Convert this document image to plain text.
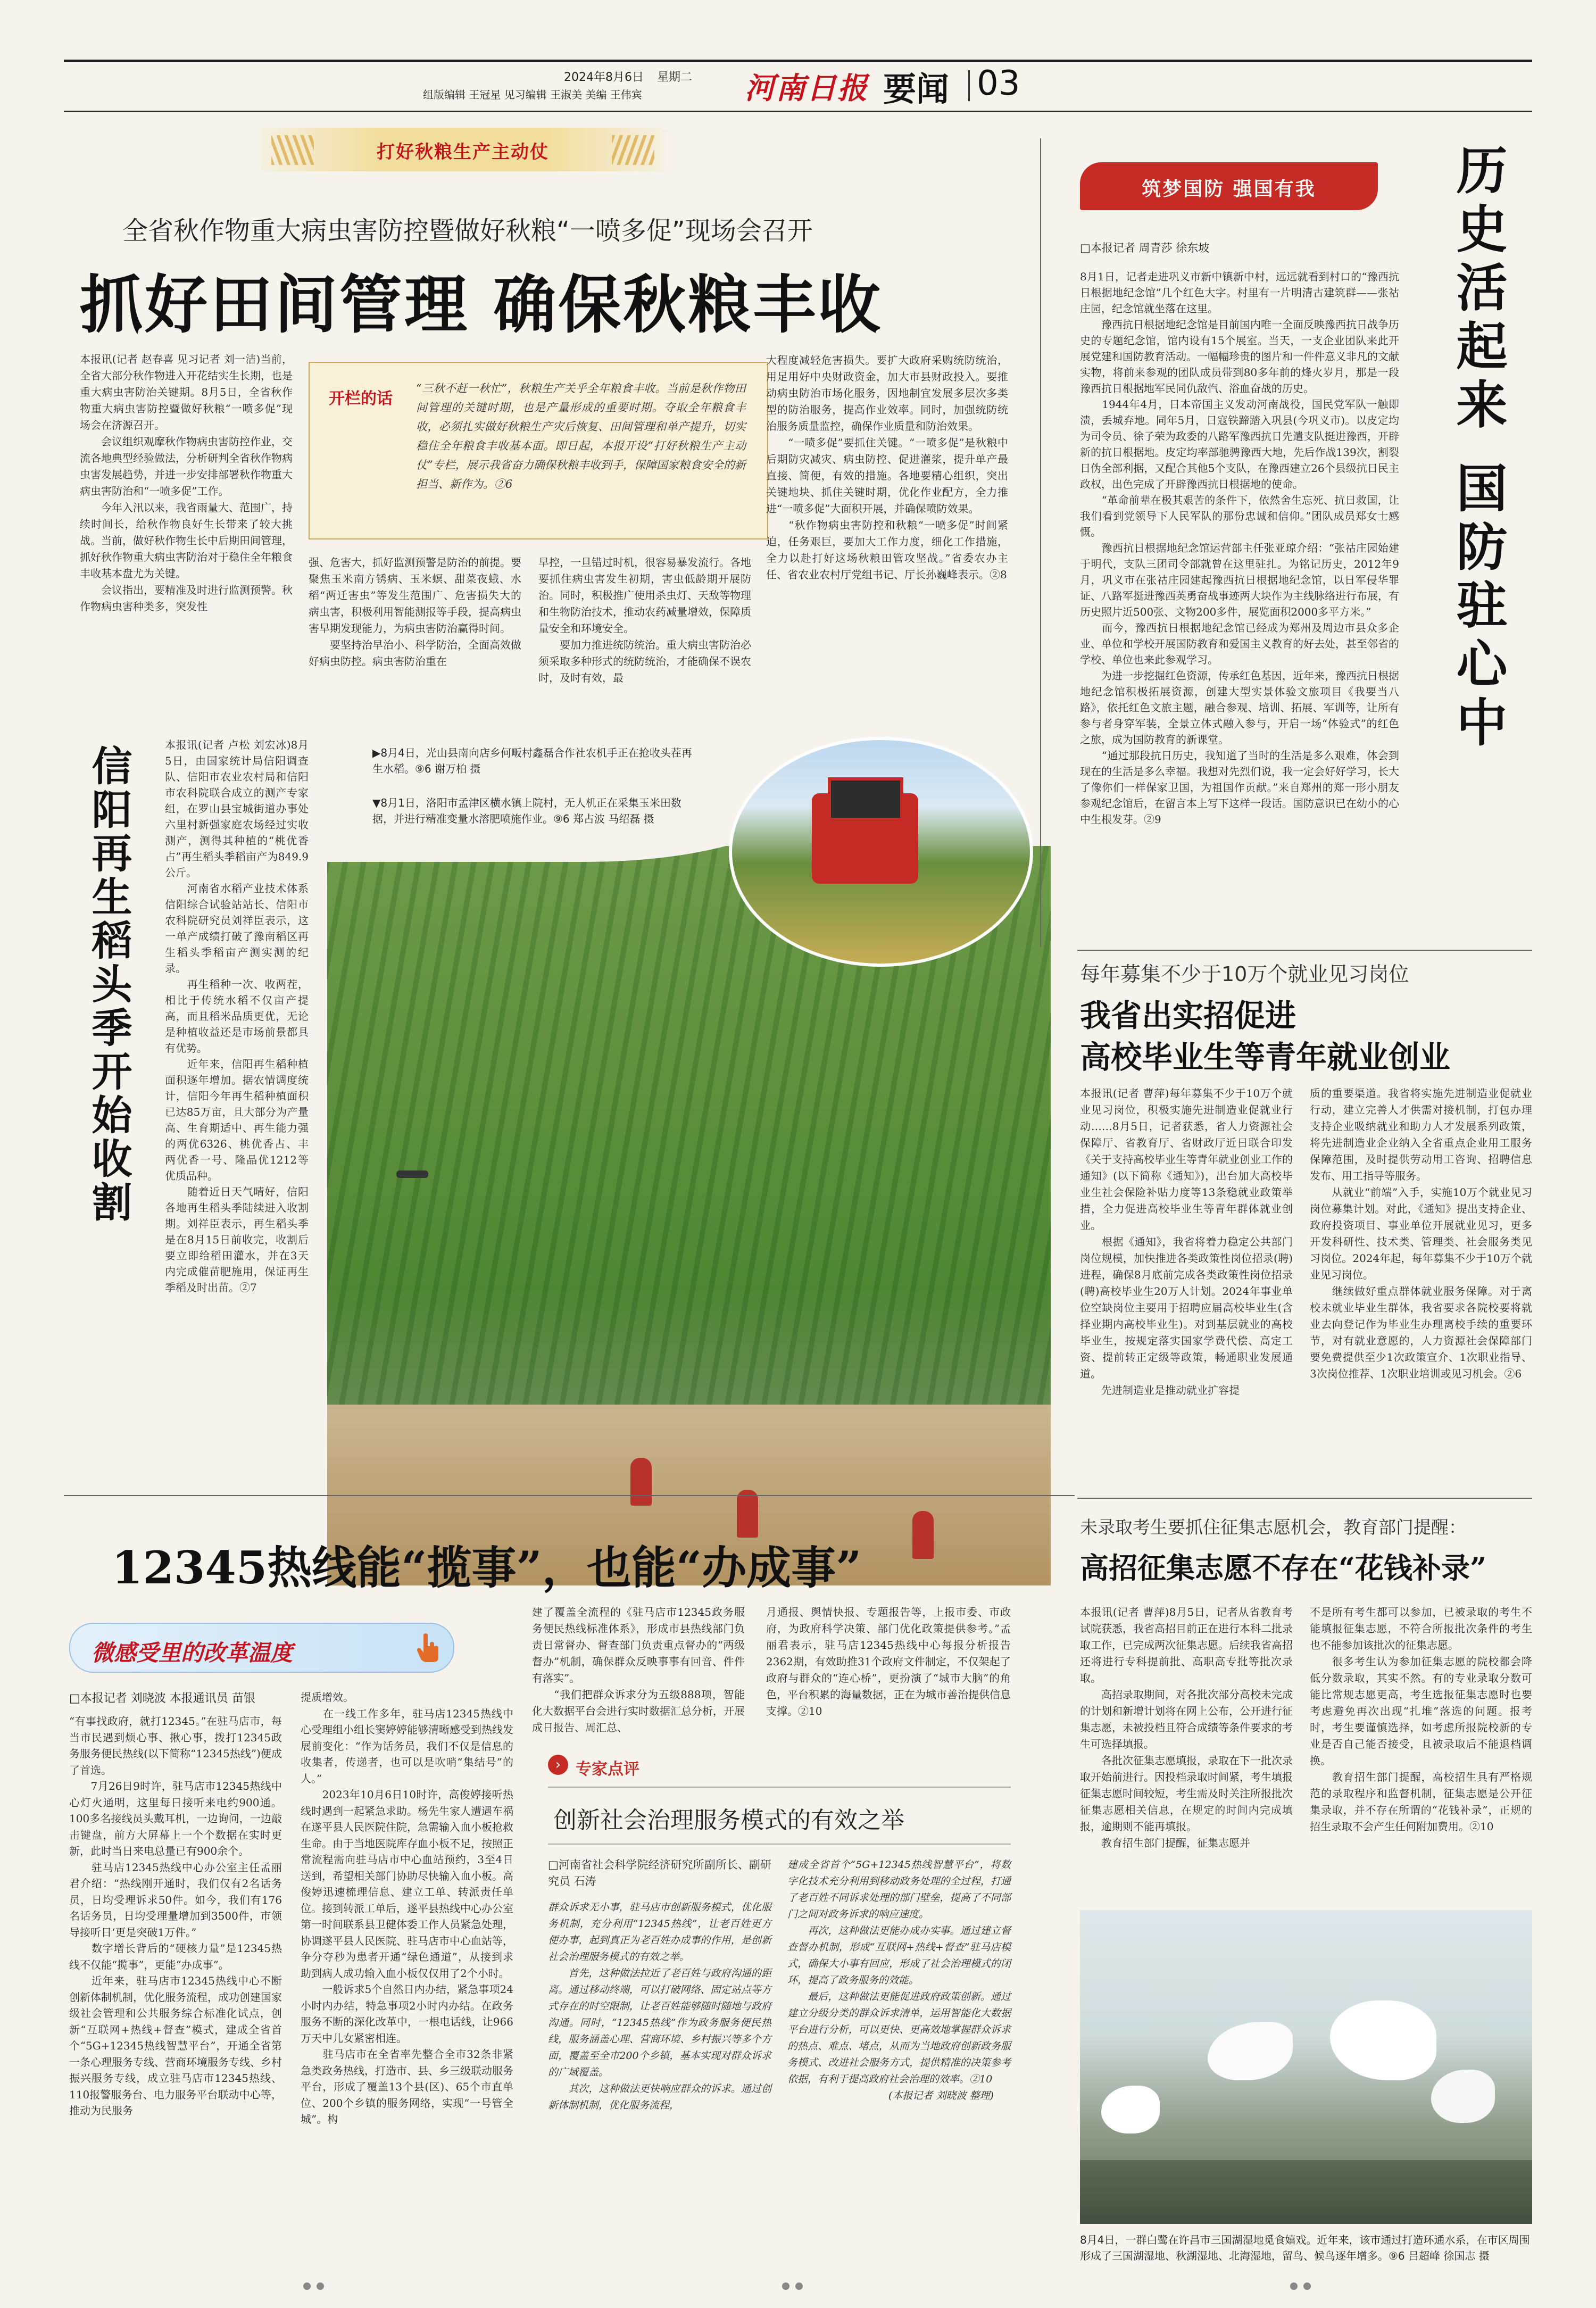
2024年8月6日 星期二
组版编辑 王冠星 见习编辑 王淑美 美编 王伟宾	河南日报 要闻 03
打好秋粮生产主动仗
全省秋作物重大病虫害防控暨做好秋粮“一喷多促”现场会召开
抓好田间管理 确保秋粮丰收

本报讯(记者 赵春喜 见习记者 刘一洁)当前，全省大部分秋作物进入开花结实生长期，也是重大病虫害防治关键期。8月5日，全省秋作物重大病虫害防控暨做好秋粮“一喷多促”现场会在济源召开。
　　会议组织观摩秋作物病虫害防控作业，交流各地典型经验做法，分析研判全省秋作物病虫害发展趋势，并进一步安排部署秋作物重大病虫害防治和“一喷多促”工作。
　　今年入汛以来，我省雨量大、范围广，持续时间长，给秋作物良好生长带来了较大挑战。当前，做好秋作物生长中后期田间管理，抓好秋作物重大病虫害防治对于稳住全年粮食丰收基本盘尤为关键。
　　会议指出，要精准及时进行监测预警。秋作物病虫害种类多，突发性

开栏的话

“三秋不赶一秋忙”，秋粮生产关乎全年粮食丰收。当前是秋作物田间管理的关键时期，也是产量形成的重要时期。夺取全年粮食丰收，必须扎实做好秋粮生产灾后恢复、田间管理和单产提升，切实稳住全年粮食丰收基本面。即日起，本报开设“打好秋粮生产主动仗”专栏，展示我省奋力确保秋粮丰收到手，保障国家粮食安全的新担当、新作为。②6

强、危害大，抓好监测预警是防治的前提。要聚焦玉米南方锈病、玉米螟、甜菜夜蛾、水稻“两迁害虫”等发生范围广、危害损失大的病虫害，积极利用智能测报等手段，提高病虫害早期发现能力，为病虫害防治赢得时间。
　　要坚持治早治小、科学防治，全面高效做好病虫防控。病虫害防治重在

早控，一旦错过时机，很容易暴发流行。各地要抓住病虫害发生初期，害虫低龄期开展防治。同时，积极推广使用杀虫灯、天敌等物理和生物防治技术，推动农药减量增效，保障质量安全和环境安全。
　　要加力推进统防统治。重大病虫害防治必须采取多种形式的统防统治，才能确保不误农时，及时有效，最

大程度减轻危害损失。要扩大政府采购统防统治，用足用好中央财政资金，加大市县财政投入。要推动病虫防治市场化服务，因地制宜发展多层次多类型的防治服务，提高作业效率。同时，加强统防统治服务质量监控，确保作业质量和防治效果。
　　“一喷多促”要抓住关键。“一喷多促”是秋粮中后期防灾减灾、病虫防控、促进灌浆，提升单产最直接、简便，有效的措施。各地要精心组织，突出关键地块、抓住关键时期，优化作业配方，全力推进“一喷多促”大面积开展，并确保喷防效果。
　　“秋作物病虫害防控和秋粮“一喷多促”时间紧迫，任务艰巨，要加大工作力度，细化工作措施，全力以赴打好这场秋粮田管攻坚战。”省委农办主任、省农业农村厅党组书记、厅长孙巍峰表示。②8

信阳再生稻头季开始收割	本报讯(记者 卢松 刘宏冰)8月5日，由国家统计局信阳调查队、信阳市农业农村局和信阳市农科院联合成立的测产专家组，在罗山县宝城街道办事处六里村新强家庭农场经过实收测产，测得其种植的“桃优香占”再生稻头季稻亩产为849.9公斤。
　　河南省水稻产业技术体系信阳综合试验站站长、信阳市农科院研究员刘祥臣表示，这一单产成绩打破了豫南稻区再生稻头季稻亩产测实测的纪录。
　　再生稻种一次、收两茬，相比于传统水稻不仅亩产提高，而且稻米品质更优，无论是种植收益还是市场前景都具有优势。
　　近年来，信阳再生稻种植面积逐年增加。据农情调度统计，信阳今年再生稻种植面积已达85万亩，且大部分为产量高、生育期适中、再生能力强的两优6326、桃优香占、丰两优香一号、隆晶优1212等优质品种。
　　随着近日天气晴好，信阳各地再生稻头季陆续进入收割期。刘祥臣表示，再生稻头季是在8月15日前收完，收割后要立即给稻田灌水，并在3天内完成催苗肥施用，保证再生季稻及时出苗。②7

▶8月4日，光山县南向店乡何畈村鑫磊合作社农机手正在抢收头茬再生水稻。⑨6 谢万柏 摄
▼8月1日，洛阳市孟津区横水镇上院村，无人机正在采集玉米田数据，并进行精准变量水溶肥喷施作业。⑨6 郑占波 马绍磊 摄
筑梦国防 强国有我	历史活起来 国防驻心中
□本报记者 周青莎 徐东坡

8月1日，记者走进巩义市新中镇新中村，远远就看到村口的“豫西抗日根据地纪念馆”几个红色大字。村里有一片明清古建筑群——张祜庄园，纪念馆就坐落在这里。
　　豫西抗日根据地纪念馆是目前国内唯一全面反映豫西抗日战争历史的专题纪念馆，馆内设有15个展室。当天，一支企业团队来此开展党建和国防教育活动。一幅幅珍贵的图片和一件件意义非凡的文献实物，将前来参观的团队成员带到80多年前的烽火岁月，那是一段豫西抗日根据地军民同仇敌忾、浴血奋战的历史。
　　1944年4月，日本帝国主义发动河南战役，国民党军队一触即溃，丢城弃地。同年5月，日寇铁蹄踏入巩县(今巩义市)。以皮定均为司令员、徐子荣为政委的八路军豫西抗日先遣支队挺进豫西，开辟新的抗日根据地。皮定均率部驰骋豫西大地，先后作战139次，割裂日伪全部利据，又配合其他5个支队，在豫西建立26个县级抗日民主政权，出色完成了开辟豫西抗日根据地的使命。
　　“革命前辈在极其艰苦的条件下，依然舍生忘死、抗日救国，让我们看到党领导下人民军队的那份忠诚和信仰。”团队成员郑女士感慨。
　　豫西抗日根据地纪念馆运营部主任张亚琼介绍：“张祜庄园始建于明代，支队三团司令部就曾在这里驻扎。为铭记历史，2012年9月，巩义市在张祜庄园建起豫西抗日根据地纪念馆，以日军侵华罪证、八路军挺进豫西英勇奋战事迹两大块作为主线脉络进行布展，有历史照片近500张、文物200多件，展览面积2000多平方米。”
　　而今，豫西抗日根据地纪念馆已经成为郑州及周边市县众多企业、单位和学校开展国防教育和爱国主义教育的好去处，甚至邻省的学校、单位也来此参观学习。
　　为进一步挖掘红色资源，传承红色基因，近年来，豫西抗日根据地纪念馆积极拓展资源，创建大型实景体验文旅项目《我要当八路》，依托红色文旅主题，融合参观、培训、拓展、军训等，让所有参与者身穿军装，全景立体式融入参与，开启一场“体验式”的红色之旅，成为国防教育的新课堂。
　　“通过那段抗日历史，我知道了当时的生活是多么艰难，体会到现在的生活是多么幸福。我想对先烈们说，我一定会好好学习，长大了像你们一样保家卫国，为祖国作贡献。”来自郑州的郑一形小朋友参观纪念馆后，在留言本上写下这样一段话。国防意识已在幼小的心中生根发芽。②9

每年募集不少于10万个就业见习岗位
我省出实招促进
高校毕业生等青年就业创业

本报讯(记者 曹萍)每年募集不少于10万个就业见习岗位，积极实施先进制造业促就业行动……8月5日，记者获悉，省人力资源社会保障厅、省教育厅、省财政厅近日联合印发《关于支持高校毕业生等青年就业创业工作的通知》(以下简称《通知》)，出台加大高校毕业生社会保险补贴力度等13条稳就业政策举措，全力促进高校毕业生等青年群体就业创业。
　　根据《通知》，我省将着力稳定公共部门岗位规模，加快推进各类政策性岗位招录(聘)进程，确保8月底前完成各类政策性岗位招录(聘)高校毕业生20万人计划。2024年事业单位空缺岗位主要用于招聘应届高校毕业生(含择业期内高校毕业生)。对到基层就业的高校毕业生，按规定落实国家学费代偿、高定工资、提前转正定级等政策，畅通职业发展通道。
　　先进制造业是推动就业扩容提

质的重要渠道。我省将实施先进制造业促就业行动，建立完善人才供需对接机制，打包办理支持企业吸纳就业和助力人才发展系列政策，将先进制造业企业纳入全省重点企业用工服务保障范围，及时提供劳动用工咨询、招聘信息发布、用工指导等服务。
　　从就业“前端”入手，实施10万个就业见习岗位募集计划。对此，《通知》提出支持企业、政府投资项目、事业单位开展就业见习，更多开发科研性、技术类、管理类、社会服务类见习岗位。2024年起，每年募集不少于10万个就业见习岗位。
　　继续做好重点群体就业服务保障。对于离校未就业毕业生群体，我省要求各院校要将就业去向登记作为毕业生办理离校手续的重要环节，对有就业意愿的，人力资源社会保障部门要免费提供至少1次政策宣介、1次职业指导、3次岗位推荐、1次职业培训或见习机会。②6

12345热线能“揽事”，也能“办成事”
微感受里的改革温度
□本报记者 刘晓波 本报通讯员 苗银

“有事找政府，就打12345。”在驻马店市，每当市民遇到烦心事、揪心事，拨打12345政务服务便民热线(以下简称“12345热线”)便成了首选。
　　7月26日9时许，驻马店市12345热线中心灯火通明，这里每日接听来电约900通。100多名接线员头戴耳机，一边询问，一边敲击键盘，前方大屏幕上一个个数据在实时更新，此时当日来电总量已有900余个。
　　驻马店12345热线中心办公室主任孟丽君介绍：“热线刚开通时，我们仅有2名话务员，日均受理诉求50件。如今，我们有176名话务员，日均受理量增加到3500件，市领导接听日‘更是突破1万件。”
　　数字增长背后的“硬核力量”是12345热线不仅能“揽事”，更能“办成事”。
　　近年来，驻马店市12345热线中心不断创新体制机制，优化服务流程，成功创建国家级社会管理和公共服务综合标准化试点，创新“互联网+热线+督查”模式，建成全省首个“5G+12345热线智慧平台”，开通全省第一条心理服务专线、营商环境服务专线、乡村振兴服务专线，成立驻马店市12345热线、110报警服务台、电力服务平台联动中心等，推动为民服务

提质增效。
　　在一线工作多年，驻马店12345热线中心受理组小组长窦婷婷能够清晰感受到热线发展前变化：“作为话务员，我们不仅是信息的收集者，传递者，也可以是吹哨“集结号”的人。”
　　2023年10月6日10时许，高俊婷接听热线时遇到一起紧急求助。杨先生家人遭遇车祸在遂平县人民医院住院，急需输入血小板抢救生命。由于当地医院库存血小板不足，按照正常流程需向驻马店市中心血站预约，3至4日送到，希望相关部门协助尽快输入血小板。高俊婷迅速梳理信息、建立工单、转派责任单位。接到转派工单后，遂平县热线中心办公室第一时间联系县卫健体委工作人员紧急处理，协调遂平县人民医院、驻马店市中心血站等，争分夺秒为患者开通“绿色通道”，从接到求助到病人成功输入血小板仅仅用了2个小时。
　　一般诉求5个自然日内办结，紧急事项24小时内办结，特急事项2小时内办结。在政务服务不断的深化改革中，一根电话线，让966万天中儿女紧密相连。
　　驻马店市在全省率先整合全市32条非紧急类政务热线，打造市、县、乡三级联动服务平台，形成了覆盖13个县(区)、65个市直单位、200个乡镇的服务网络，实现“一号管全城”。构

建了覆盖全流程的《驻马店市12345政务服务便民热线标准体系》，形成市县热线部门负责日常督办、督查部门负责重点督办的“两级督办”机制，确保群众反映事事有回音、件件有落实”。
　　“我们把群众诉求分为五级888项，智能化大数据平台会进行实时数据汇总分析，开展成日报告、周汇总、

月通报、舆情快报、专题报告等，上报市委、市政府，为政府科学决策、部门优化政策提供参考。”孟丽君表示，驻马店12345热线中心每报分析报告2362期，有效助推31个政府文件制定，不仅架起了政府与群众的“连心桥”，更扮演了“城市大脑”的角色，平台积累的海量数据，正在为城市善治提供信息支撑。②10

› 专家点评
创新社会治理服务模式的有效之举

□河南省社会科学院经济研究所副所长、副研究员 石涛

群众诉求无小事，驻马店市创新服务模式，优化服务机制，充分利用“12345热线”，让老百姓更方便办事，起到真正为老百姓办成事的作用，是创新社会治理服务模式的有效之举。
　　首先，这种做法拉近了老百姓与政府沟通的距离。通过移动终端，可以打破网络、固定站点等方式存在的时空限制，让老百姓能够随时随地与政府沟通。同时，“12345热线”作为政务服务便民热线，服务涵盖心理、营商环境、乡村振兴等多个方面，覆盖至全市200个乡镇，基本实现对群众诉求的广域覆盖。
　　其次，这种做法更快响应群众的诉求。通过创新体制机制，优化服务流程，

建成全省首个“5G+12345热线智慧平台”，将数字化技术充分利用到移动政务处理的全过程，打通了老百姓不同诉求处理的部门壁垒，提高了不同部门之间对政务诉求的响应速度。
　　再次，这种做法更能办成办实事。通过建立督查督办机制，形成“互联网+热线+督查”驻马店模式，确保大小事有回应，形成了社会治理模式的闭环，提高了政务服务的效能。
　　最后，这种做法更能促进政府政策创新。通过建立分级分类的群众诉求清单，运用智能化大数据平台进行分析，可以更快、更高效地掌握群众诉求的热点、难点、堵点，从而为当地政府创新政务服务模式、改进社会服务方式，提供精准的决策参考依据，有利于提高政府社会治理的效率。②10
　　　　　　　　　　(本报记者 刘晓波 整理)

未录取考生要抓住征集志愿机会，教育部门提醒：
高招征集志愿不存在“花钱补录”

本报讯(记者 曹萍)8月5日，记者从省教育考试院获悉，我省高招目前正在进行本科二批录取工作，已完成两次征集志愿。后续我省高招还将进行专科提前批、高职高专批等批次录取。
　　高招录取期间，对各批次部分高校未完成的计划和新增计划将在网上公布，公开进行征集志愿，未被投档且符合成绩等条件要求的考生可选择填报。
　　各批次征集志愿填报，录取在下一批次录取开始前进行。因投档录取时间紧，考生填报征集志愿时间较短，考生需及时关注所报批次征集志愿相关信息，在规定的时间内完成填报，逾期则不能再填报。
　　教育招生部门提醒，征集志愿并

不是所有考生都可以参加，已被录取的考生不能填报征集志愿，不符合所报批次条件的考生也不能参加该批次的征集志愿。
　　很多考生认为参加征集志愿的院校都会降低分数录取，其实不然。有的专业录取分数可能比常规志愿更高，考生选报征集志愿时也要考虑避免再次出现“扎堆”落选的问题。报考时，考生要谨慎选择，如考虑所报院校新的专业是否自己能否接受，且被录取后不能退档调换。
　　教育招生部门提醒，高校招生具有严格规范的录取程序和监督机制，征集志愿是公开征集录取，并不存在所谓的“花钱补录”，正规的招生录取不会产生任何附加费用。②10

8月4日，一群白鹭在许昌市三国湖湿地觅食嬉戏。近年来，该市通过打造环通水系，在市区周围形成了三国湖湿地、秋湖湿地、北海湿地，留鸟、候鸟逐年增多。⑨6 吕超峰 徐国志 摄
